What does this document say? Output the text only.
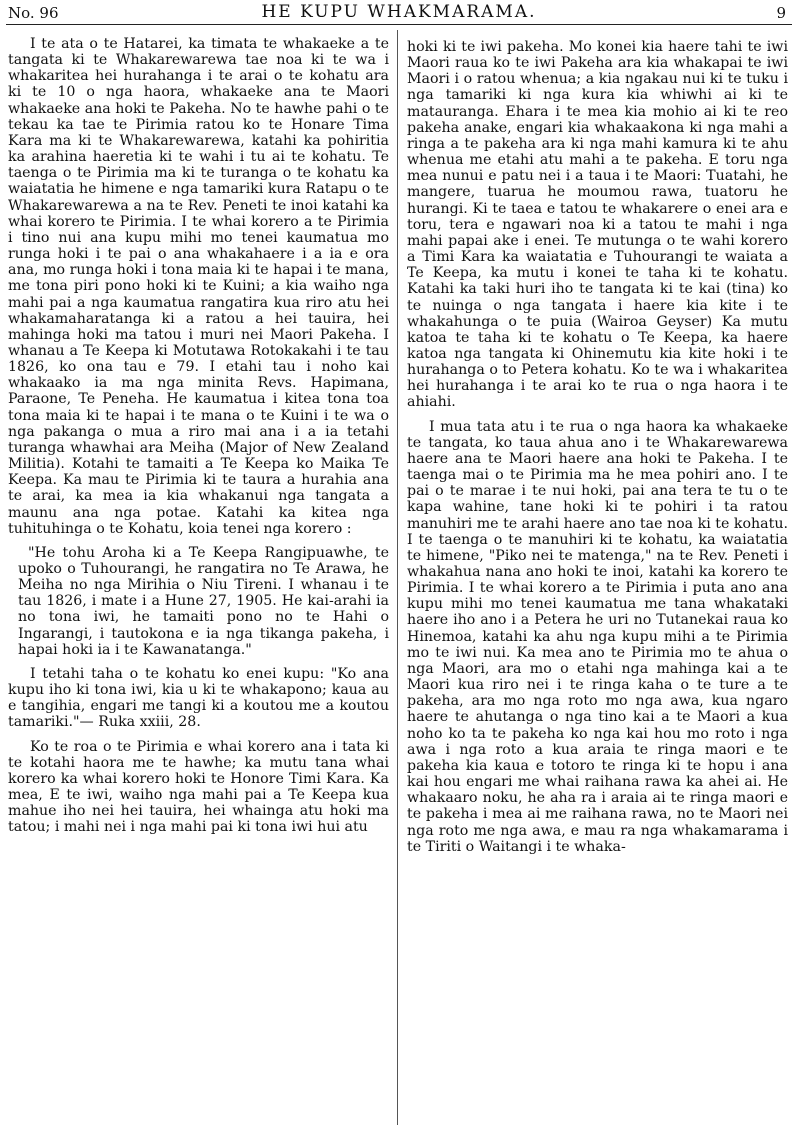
No. 96	HE KUPU WHAKMARAMA.	9

I te ata o te Hatarei, ka timata te whakaeke a te tangata ki te Whakarewarewa tae noa ki te wa i whakaritea hei hurahanga i te arai o te kohatu ara ki te 10 o nga haora, whakaeke ana te Maori whakaeke ana hoki te Pakeha. No te hawhe pahi o te tekau ka tae te Pirimia ratou ko te Honare Tima Kara ma ki te Whakarewarewa, katahi ka pohiritia ka arahina haeretia ki te wahi i tu ai te kohatu. Te taenga o te Pirimia ma ki te turanga o te kohatu ka waiatatia he himene e nga tamariki kura Ratapu o te Whakarewarewa a na te Rev. Peneti te inoi katahi ka whai korero te Pirimia. I te whai korero a te Pirimia i tino nui ana kupu mihi mo tenei kaumatua mo runga hoki i te pai o ana whakahaere i a ia e ora ana, mo runga hoki i tona maia ki te hapai i te mana, me tona piri pono hoki ki te Kuini; a kia waiho nga mahi pai a nga kaumatua rangatira kua riro atu hei whakamaharatanga ki a ratou a hei tauira, hei mahinga hoki ma tatou i muri nei Maori Pakeha. I whanau a Te Keepa ki Motutawa Rotokakahi i te tau 1826, ko ona tau e 79. I etahi tau i noho kai whakaako ia ma nga minita Revs. Hapimana, Paraone, Te Peneha. He kaumatua i kitea tona toa tona maia ki te hapai i te mana o te Kuini i te wa o nga pakanga o mua a riro mai ana i a ia tetahi turanga whawhai ara Meiha (Major of New Zealand Militia). Kotahi te tamaiti a Te Keepa ko Maika Te Keepa. Ka mau te Pirimia ki te taura a hurahia ana te arai, ka mea ia kia whakanui nga tangata a maunu ana nga potae. Katahi ka kitea nga tuhituhinga o te Kohatu, koia tenei nga korero :

"He tohu Aroha ki a Te Keepa Rangipuawhe, te upoko o Tuhourangi, he rangatira no Te Arawa, he Meiha no nga Mirihia o Niu Tireni. I whanau i te tau 1826, i mate i a Hune 27, 1905. He kai-arahi ia no tona iwi, he tamaiti pono no te Hahi o Ingarangi, i tautokona e ia nga tikanga pakeha, i hapai hoki ia i te Kawanatanga."

I tetahi taha o te kohatu ko enei kupu: "Ko ana kupu iho ki tona iwi, kia u ki te whakapono; kaua au e tangihia, engari me tangi ki a koutou me a koutou tamariki."— Ruka xxiii, 28.

Ko te roa o te Pirimia e whai korero ana i tata ki te kotahi haora me te hawhe; ka mutu tana whai korero ka whai korero hoki te Honore Timi Kara. Ka mea, E te iwi, waiho nga mahi pai a Te Keepa kua mahue iho nei hei tauira, hei whainga atu hoki ma tatou; i mahi nei i nga mahi pai ki tona iwi hui atu

hoki ki te iwi pakeha. Mo konei kia haere tahi te iwi Maori raua ko te iwi Pakeha ara kia whakapai te iwi Maori i o ratou whenua; a kia ngakau nui ki te tuku i nga tamariki ki nga kura kia whiwhi ai ki te matauranga. Ehara i te mea kia mohio ai ki te reo pakeha anake, engari kia whakaakona ki nga mahi a ringa a te pakeha ara ki nga mahi kamura ki te ahu whenua me etahi atu mahi a te pakeha. E toru nga mea nunui e patu nei i a taua i te Maori: Tuatahi, he mangere, tuarua he moumou rawa, tuatoru he hurangi. Ki te taea e tatou te whakarere o enei ara e toru, tera e ngawari noa ki a tatou te mahi i nga mahi papai ake i enei. Te mutunga o te wahi korero a Timi Kara ka waiatatia e Tuhourangi te waiata a Te Keepa, ka mutu i konei te taha ki te kohatu. Katahi ka taki huri iho te tangata ki te kai (tina) ko te nuinga o nga tangata i haere kia kite i te whakahunga o te puia (Wairoa Geyser) Ka mutu katoa te taha ki te kohatu o Te Keepa, ka haere katoa nga tangata ki Ohinemutu kia kite hoki i te hurahanga o to Petera kohatu. Ko te wa i whakaritea hei hurahanga i te arai ko te rua o nga haora i te ahiahi.

I mua tata atu i te rua o nga haora ka whakaeke te tangata, ko taua ahua ano i te Whakarewarewa haere ana te Maori haere ana hoki te Pakeha. I te taenga mai o te Pirimia ma he mea pohiri ano. I te pai o te marae i te nui hoki, pai ana tera te tu o te kapa wahine, tane hoki ki te pohiri i ta ratou manuhiri me te arahi haere ano tae noa ki te kohatu. I te taenga o te manuhiri ki te kohatu, ka waiatatia te himene, "Piko nei te matenga," na te Rev. Peneti i whakahua nana ano hoki te inoi, katahi ka korero te Pirimia. I te whai korero a te Pirimia i puta ano ana kupu mihi mo tenei kaumatua me tana whakataki haere iho ano i a Petera he uri no Tutanekai raua ko Hinemoa, katahi ka ahu nga kupu mihi a te Pirimia mo te iwi nui. Ka mea ano te Pirimia mo te ahua o nga Maori, ara mo o etahi nga mahinga kai a te Maori kua riro nei i te ringa kaha o te ture a te pakeha, ara mo nga roto mo nga awa, kua ngaro haere te ahutanga o nga tino kai a te Maori a kua noho ko ta te pakeha ko nga kai hou mo roto i nga awa i nga roto a kua araia te ringa maori e te pakeha kia kaua e totoro te ringa ki te hopu i ana kai hou engari me whai raihana rawa ka ahei ai. He whakaaro noku, he aha ra i araia ai te ringa maori e te pakeha i mea ai me raihana rawa, no te Maori nei nga roto me nga awa, e mau ra nga whakamarama i te Tiriti o Waitangi i te whaka-
